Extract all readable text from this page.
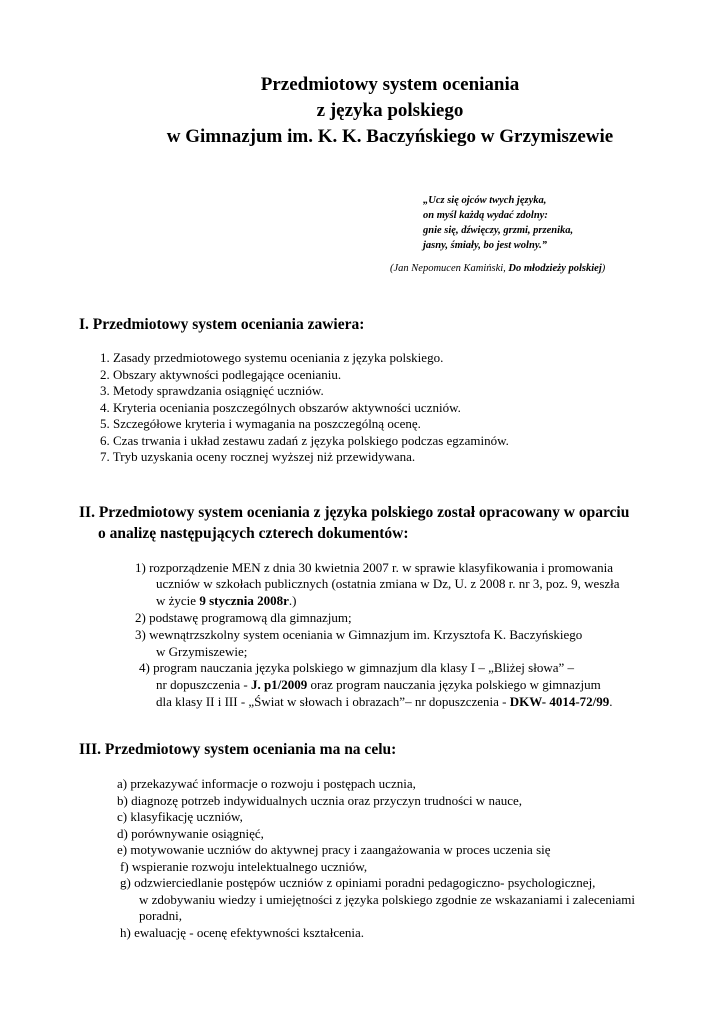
Przedmiotowy system oceniania
z języka polskiego
w Gimnazjum im. K. K. Baczyńskiego w Grzymiszewie
„Ucz się ojców twych języka,
on myśl każdą wydać zdolny:
gnie się, dźwięczy, grzmi, przenika,
jasny, śmiały, bo jest wolny.”
(Jan Nepomucen Kamiński, Do młodzieży polskiej)
I. Przedmiotowy system oceniania zawiera:
1. Zasady przedmiotowego systemu oceniania z języka polskiego.
2. Obszary aktywności podlegające ocenianiu.
3. Metody sprawdzania osiągnięć uczniów.
4. Kryteria oceniania poszczególnych obszarów aktywności uczniów.
5. Szczegółowe kryteria i wymagania na poszczególną ocenę.
6. Czas trwania i układ zestawu zadań z języka polskiego podczas egzaminów.
7. Tryb uzyskania oceny rocznej wyższej niż przewidywana.
II. Przedmiotowy system oceniania z języka polskiego został opracowany w oparciu
o analizę następujących czterech dokumentów:
1) rozporządzenie MEN z dnia 30 kwietnia 2007 r. w sprawie klasyfikowania i promowania
uczniów w szkołach publicznych (ostatnia zmiana w Dz, U. z 2008 r. nr 3, poz. 9, weszła
w życie 9 stycznia 2008r.)
2) podstawę programową dla gimnazjum;
3) wewnątrzszkolny system oceniania w Gimnazjum im. Krzysztofa K. Baczyńskiego
w Grzymiszewie;
4) program nauczania języka polskiego w gimnazjum dla klasy I – „Bliżej słowa” –
nr dopuszczenia - J. p1/2009 oraz program nauczania języka polskiego w gimnazjum
dla klasy II i III - „Świat w słowach i obrazach”– nr dopuszczenia - DKW- 4014-72/99.
III. Przedmiotowy system oceniania ma na celu:
a) przekazywać informacje o rozwoju i postępach ucznia,
b) diagnozę potrzeb indywidualnych ucznia oraz przyczyn trudności w nauce,
c) klasyfikację uczniów,
d) porównywanie osiągnięć,
e) motywowanie uczniów do aktywnej pracy i zaangażowania w proces uczenia się
f) wspieranie rozwoju intelektualnego uczniów,
g) odzwierciedlanie postępów uczniów z opiniami poradni pedagogiczno- psychologicznej,
w zdobywaniu wiedzy i umiejętności z języka polskiego zgodnie ze wskazaniami i zaleceniami
poradni,
h) ewaluację - ocenę efektywności kształcenia.
